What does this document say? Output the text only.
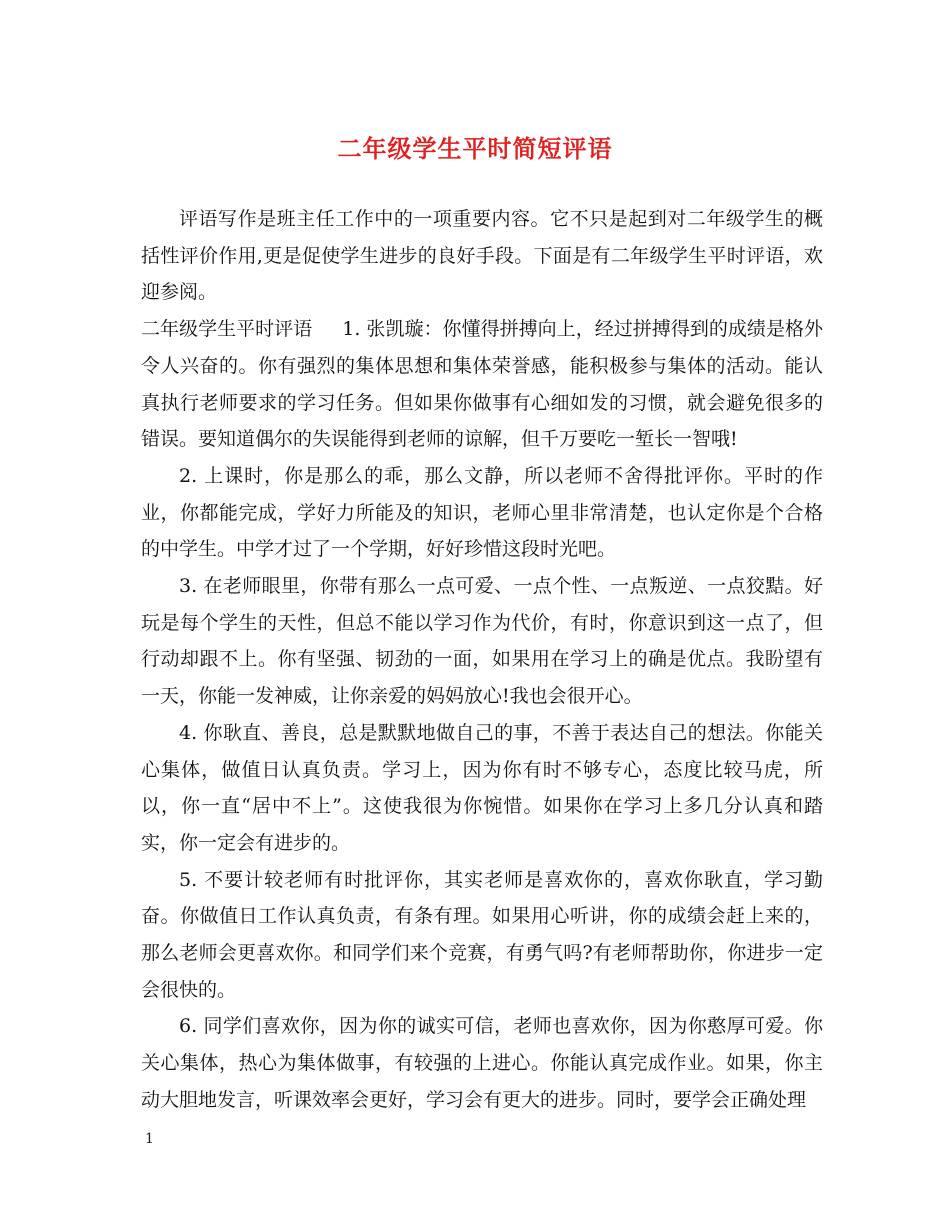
二年级学生平时简短评语

评语写作是班主任工作中的一项重要内容。它不只是起到对二年级学生的概括性评价作用,更是促使学生进步的良好手段。下面是有二年级学生平时评语，欢迎参阅。

二年级学生平时评语 1. 张凯璇：你懂得拼搏向上，经过拼搏得到的成绩是格外令人兴奋的。你有强烈的集体思想和集体荣誉感，能积极参与集体的活动。能认真执行老师要求的学习任务。但如果你做事有心细如发的习惯，就会避免很多的错误。要知道偶尔的失误能得到老师的谅解，但千万要吃一堑长一智哦!

2. 上课时，你是那么的乖，那么文静，所以老师不舍得批评你。平时的作业，你都能完成，学好力所能及的知识，老师心里非常清楚，也认定你是个合格的中学生。中学才过了一个学期，好好珍惜这段时光吧。

3. 在老师眼里，你带有那么一点可爱、一点个性、一点叛逆、一点狡黠。好玩是每个学生的天性，但总不能以学习作为代价，有时，你意识到这一点了，但行动却跟不上。你有坚强、韧劲的一面，如果用在学习上的确是优点。我盼望有一天，你能一发神威，让你亲爱的妈妈放心!我也会很开心。

4. 你耿直、善良，总是默默地做自己的事，不善于表达自己的想法。你能关心集体，做值日认真负责。学习上，因为你有时不够专心，态度比较马虎，所以，你一直“居中不上”。这使我很为你惋惜。如果你在学习上多几分认真和踏实，你一定会有进步的。

5. 不要计较老师有时批评你，其实老师是喜欢你的，喜欢你耿直，学习勤奋。你做值日工作认真负责，有条有理。如果用心听讲，你的成绩会赶上来的，那么老师会更喜欢你。和同学们来个竞赛，有勇气吗?有老师帮助你，你进步一定会很快的。

6. 同学们喜欢你，因为你的诚实可信，老师也喜欢你，因为你憨厚可爱。你关心集体，热心为集体做事，有较强的上进心。你能认真完成作业。如果，你主动大胆地发言，听课效率会更好，学习会有更大的进步。同时，要学会正确处理

1
